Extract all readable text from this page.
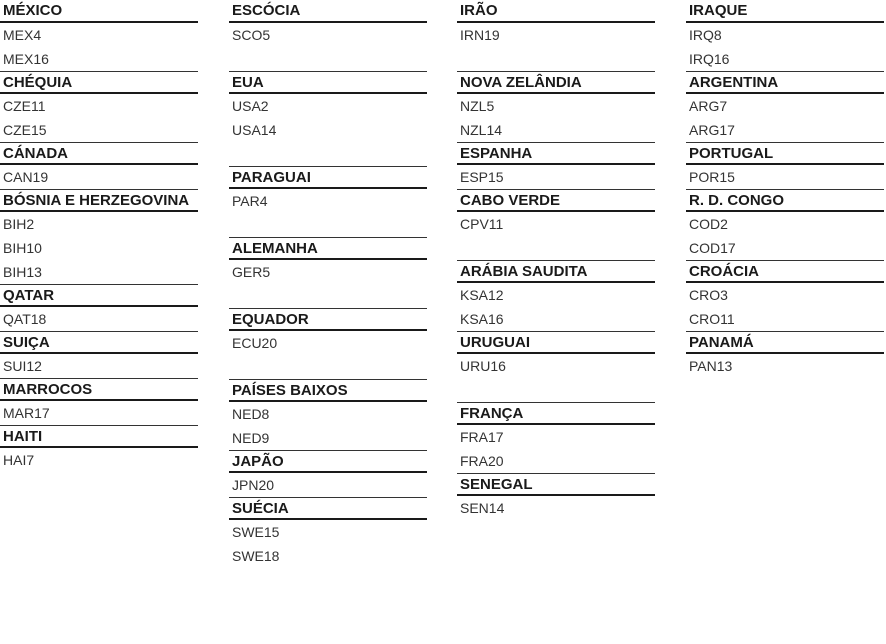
MÉXICO
MEX4
MEX16
CHÉQUIA
CZE11
CZE15
CÁNADA
CAN19
BÓSNIA E HERZEGOVINA
BIH2
BIH10
BIH13
QATAR
QAT18
SUIÇA
SUI12
MARROCOS
MAR17
HAITI
HAI7
ESCÓCIA
SCO5
EUA
USA2
USA14
PARAGUAI
PAR4
ALEMANHA
GER5
EQUADOR
ECU20
PAÍSES BAIXOS
NED8
NED9
JAPÃO
JPN20
SUÉCIA
SWE15
SWE18
IRÃO
IRN19
NOVA ZELÂNDIA
NZL5
NZL14
ESPANHA
ESP15
CABO VERDE
CPV11
ARÁBIA SAUDITA
KSA12
KSA16
URUGUAI
URU16
FRANÇA
FRA17
FRA20
SENEGAL
SEN14
IRAQUE
IRQ8
IRQ16
ARGENTINA
ARG7
ARG17
PORTUGAL
POR15
R. D. CONGO
COD2
COD17
CROÁCIA
CRO3
CRO11
PANAMÁ
PAN13
